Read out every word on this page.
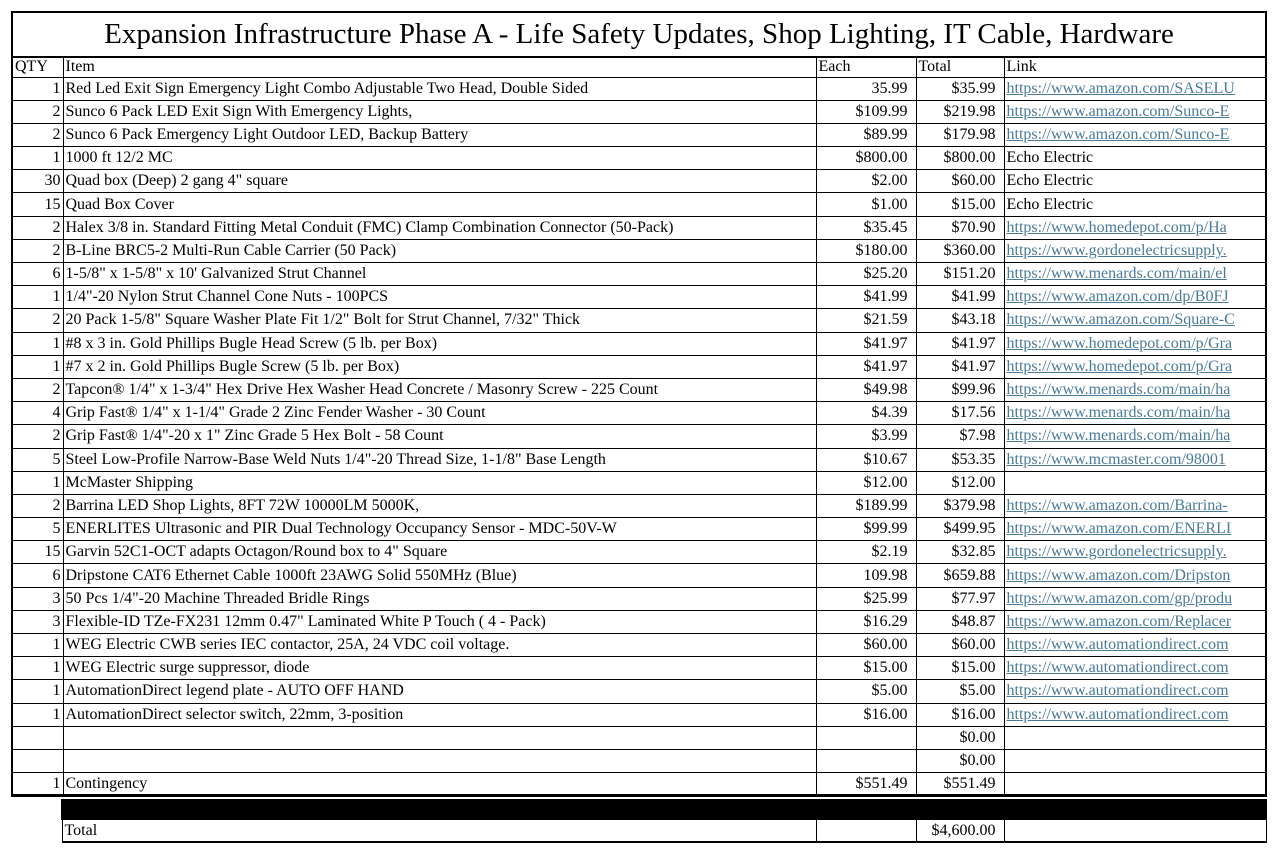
Expansion Infrastructure Phase A - Life Safety Updates, Shop Lighting, IT Cable, Hardware				
QTY	Item	Each	Total	Link
1	Red Led Exit Sign Emergency Light Combo Adjustable Two Head, Double Sided	35.99	$35.99	https://www.amazon.com/SASELU
2	Sunco 6 Pack LED Exit Sign With Emergency Lights,	$109.99	$219.98	https://www.amazon.com/Sunco-E
2	Sunco 6 Pack Emergency Light Outdoor LED, Backup Battery	$89.99	$179.98	https://www.amazon.com/Sunco-E
1	1000 ft 12/2 MC	$800.00	$800.00	Echo Electric
30	Quad box (Deep) 2 gang 4" square	$2.00	$60.00	Echo Electric
15	Quad Box Cover	$1.00	$15.00	Echo Electric
2	Halex 3/8 in. Standard Fitting Metal Conduit (FMC) Clamp Combination Connector (50-Pack)	$35.45	$70.90	https://www.homedepot.com/p/Ha
2	B-Line BRC5-2 Multi-Run Cable Carrier (50 Pack)	$180.00	$360.00	https://www.gordonelectricsupply.
6	1-5/8" x 1-5/8" x 10' Galvanized Strut Channel	$25.20	$151.20	https://www.menards.com/main/el
1	1/4"-20 Nylon Strut Channel Cone Nuts - 100PCS	$41.99	$41.99	https://www.amazon.com/dp/B0FJ
2	20 Pack 1-5/8" Square Washer Plate Fit 1/2" Bolt for Strut Channel, 7/32" Thick	$21.59	$43.18	https://www.amazon.com/Square-C
1	#8 x 3 in. Gold Phillips Bugle Head Screw (5 lb. per Box)	$41.97	$41.97	https://www.homedepot.com/p/Gra
1	#7 x 2 in. Gold Phillips Bugle Screw (5 lb. per Box)	$41.97	$41.97	https://www.homedepot.com/p/Gra
2	Tapcon® 1/4" x 1-3/4" Hex Drive Hex Washer Head Concrete / Masonry Screw - 225 Count	$49.98	$99.96	https://www.menards.com/main/ha
4	Grip Fast® 1/4" x 1-1/4" Grade 2 Zinc Fender Washer - 30 Count	$4.39	$17.56	https://www.menards.com/main/ha
2	Grip Fast® 1/4"-20 x 1" Zinc Grade 5 Hex Bolt - 58 Count	$3.99	$7.98	https://www.menards.com/main/ha
5	Steel Low-Profile Narrow-Base Weld Nuts 1/4"-20 Thread Size, 1-1/8" Base Length	$10.67	$53.35	https://www.mcmaster.com/98001
1	McMaster Shipping	$12.00	$12.00	
2	Barrina LED Shop Lights, 8FT 72W 10000LM 5000K,	$189.99	$379.98	https://www.amazon.com/Barrina-
5	ENERLITES Ultrasonic and PIR Dual Technology Occupancy Sensor - MDC-50V-W	$99.99	$499.95	https://www.amazon.com/ENERLI
15	Garvin 52C1-OCT adapts Octagon/Round box to 4" Square	$2.19	$32.85	https://www.gordonelectricsupply.
6	Dripstone CAT6 Ethernet Cable 1000ft 23AWG Solid 550MHz (Blue)	109.98	$659.88	https://www.amazon.com/Dripston
3	50 Pcs 1/4"-20 Machine Threaded Bridle Rings	$25.99	$77.97	https://www.amazon.com/gp/produ
3	Flexible-ID TZe-FX231 12mm 0.47" Laminated White P Touch ( 4 - Pack)	$16.29	$48.87	https://www.amazon.com/Replacer
1	WEG Electric CWB series IEC contactor, 25A, 24 VDC coil voltage.	$60.00	$60.00	https://www.automationdirect.com
1	WEG Electric surge suppressor, diode	$15.00	$15.00	https://www.automationdirect.com
1	AutomationDirect legend plate - AUTO OFF HAND	$5.00	$5.00	https://www.automationdirect.com
1	AutomationDirect selector switch, 22mm, 3-position	$16.00	$16.00	https://www.automationdirect.com
			$0.00	
			$0.00	
1	Contingency	$551.49	$551.49	

Total		$4,600.00	
